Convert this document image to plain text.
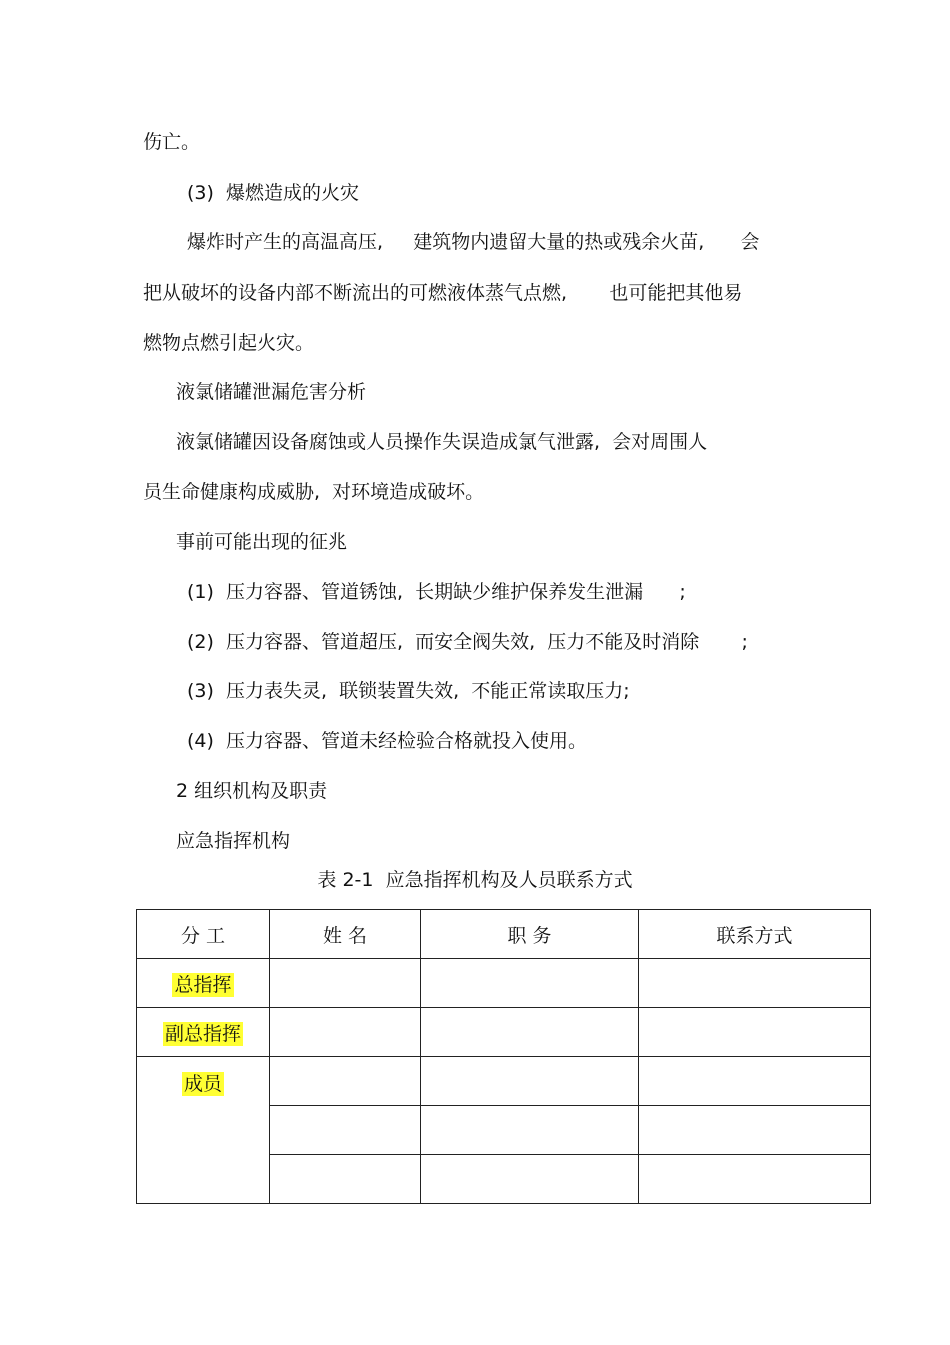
伤亡。
(3)  爆燃造成的火灾
爆炸时产生的高温高压,     建筑物内遗留大量的热或残余火苗,      会
把从破坏的设备内部不断流出的可燃液体蒸气点燃,       也可能把其他易
燃物点燃引起火灾。
液氯储罐泄漏危害分析
液氯储罐因设备腐蚀或人员操作失误造成氯气泄露,  会对周围人
员生命健康构成威胁,  对环境造成破坏。
事前可能出现的征兆
(1)  压力容器、管道锈蚀,  长期缺少维护保养发生泄漏      ;
(2)  压力容器、管道超压,  而安全阀失效,  压力不能及时消除       ;
(3)  压力表失灵,  联锁装置失效,  不能正常读取压力;
(4)  压力容器、管道未经检验合格就投入使用。
2 组织机构及职责
应急指挥机构
表 2-1  应急指挥机构及人员联系方式
分 工	姓 名	职 务	联系方式
总指挥			
副总指挥			
成员			
